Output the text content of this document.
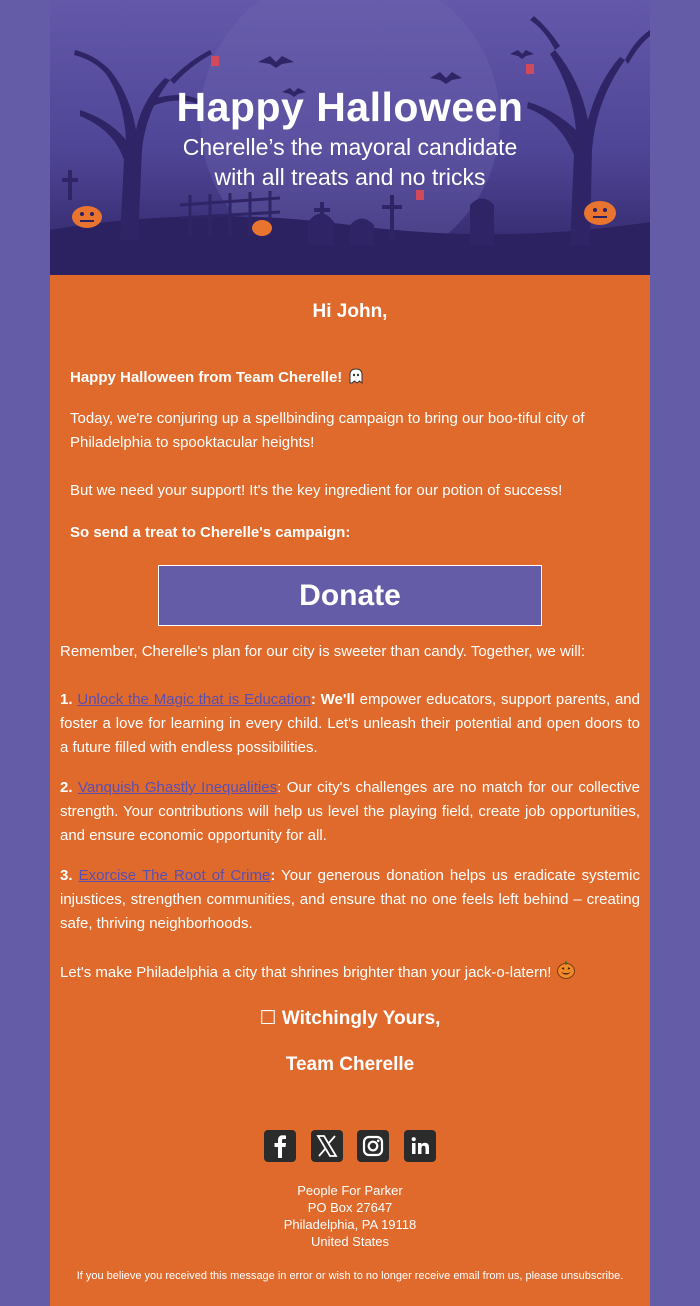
Happy Halloween
Cherelle’s the mayoral candidate
with all treats and no tricks

Hi John,

Happy Halloween from Team Cherelle!

Today, we're conjuring up a spellbinding campaign to bring our boo-tiful city of Philadelphia to spooktacular heights!

But we need your support! It's the key ingredient for our potion of success!

So send a treat to Cherelle's campaign:

Donate

Remember, Cherelle's plan for our city is sweeter than candy. Together, we will:

1. Unlock the Magic that is Education: We'll empower educators, support parents, and foster a love for learning in every child. Let's unleash their potential and open doors to a future filled with endless possibilities.

2. Vanquish Ghastly Inequalities: Our city's challenges are no match for our collective strength. Your contributions will help us level the playing field, create job opportunities, and ensure economic opportunity for all.

3. Exorcise The Root of Crime: Your generous donation helps us eradicate systemic injustices, strengthen communities, and ensure that no one feels left behind – creating safe, thriving neighborhoods.

Let's make Philadelphia a city that shrines brighter than your jack-o-latern!

☐ Witchingly Yours,

Team Cherelle

People For Parker
PO Box 27647
Philadelphia, PA 19118
United States
If you believe you received this message in error or wish to no longer receive email from us, please unsubscribe.
